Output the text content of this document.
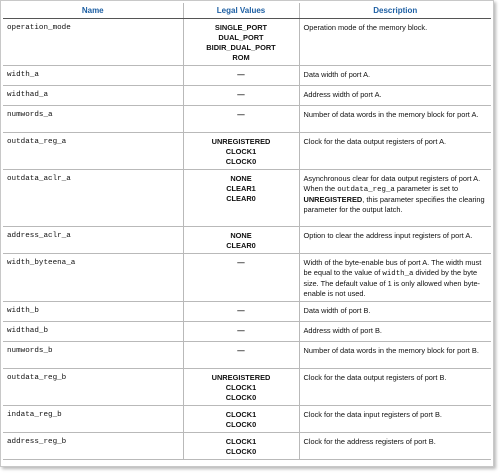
Name	Legal Values	Description
operation_mode	SINGLE_PORT
DUAL_PORT
BIDIR_DUAL_PORT
ROM	Operation mode of the memory block.
width_a	—	Data width of port A.
widthad_a	—	Address width of port A.
numwords_a	—	Number of data words in the memory block for port A.
outdata_reg_a	UNREGISTERED
CLOCK1
CLOCK0	Clock for the data output registers of port A.
outdata_aclr_a	NONE
CLEAR1
CLEAR0	Asynchronous clear for data output registers of port A. When the outdata_reg_a parameter is set to UNREGISTERED, this parameter specifies the clearing parameter for the output latch.
address_aclr_a	NONE
CLEAR0	Option to clear the address input registers of port A.
width_byteena_a	—	Width of the byte-enable bus of port A. The width must be equal to the value of width_a divided by the byte size. The default value of 1 is only allowed when byte-enable is not used.
width_b	—	Data width of port B.
widthad_b	—	Address width of port B.
numwords_b	—	Number of data words in the memory block for port B.
outdata_reg_b	UNREGISTERED
CLOCK1
CLOCK0	Clock for the data output registers of port B.
indata_reg_b	CLOCK1
CLOCK0	Clock for the data input registers of port B.
address_reg_b	CLOCK1
CLOCK0	Clock for the address registers of port B.
